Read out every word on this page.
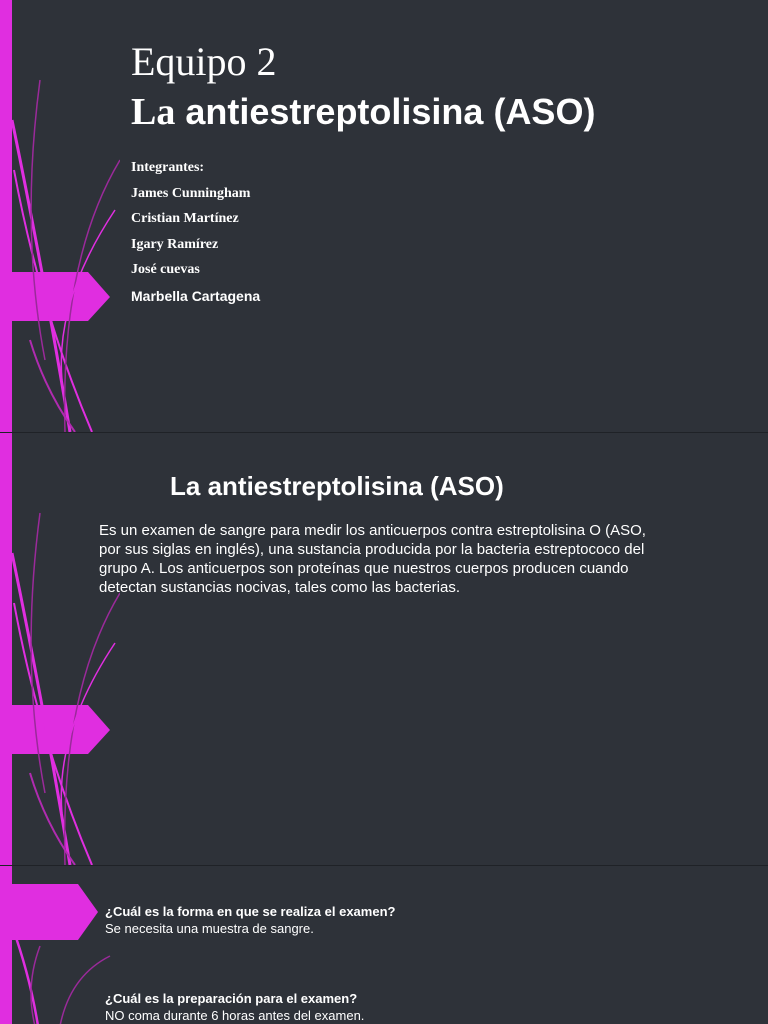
Equipo 2
La antiestreptolisina (ASO)
Integrantes:
James Cunningham
Cristian Martínez
Igary Ramírez
José cuevas
Marbella Cartagena
La antiestreptolisina (ASO)

Es un examen de sangre para medir los anticuerpos contra estreptolisina O (ASO, por sus siglas en inglés), una sustancia producida por la bacteria estreptococo del grupo A. Los anticuerpos son proteínas que nuestros cuerpos producen cuando detectan sustancias nocivas, tales como las bacterias.

¿Cuál es la forma en que se realiza el examen?

Se necesita una muestra de sangre.

¿Cuál es la preparación para el examen?

NO coma durante 6 horas antes del examen.
